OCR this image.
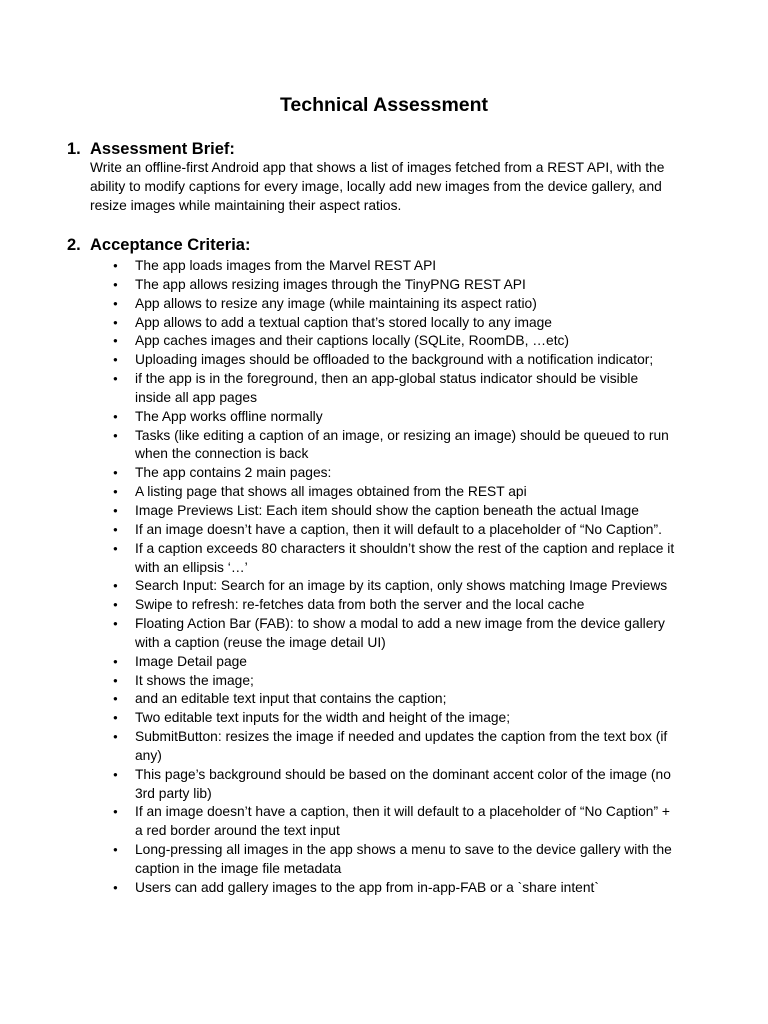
Technical Assessment
1. Assessment Brief:
Write an offline-first Android app that shows a list of images fetched from a REST API, with the
ability to modify captions for every image, locally add new images from the device gallery, and
resize images while maintaining their aspect ratios.
2. Acceptance Criteria:
● The app loads images from the Marvel REST API
● The app allows resizing images through the TinyPNG REST API
● App allows to resize any image (while maintaining its aspect ratio)
● App allows to add a textual caption that’s stored locally to any image
● App caches images and their captions locally (SQLite, RoomDB, …etc)
● Uploading images should be offloaded to the background with a notification indicator;
● if the app is in the foreground, then an app-global status indicator should be visible
inside all app pages
● The App works offline normally
● Tasks (like editing a caption of an image, or resizing an image) should be queued to run
when the connection is back
● The app contains 2 main pages:
● A listing page that shows all images obtained from the REST api
● Image Previews List: Each item should show the caption beneath the actual Image
● If an image doesn’t have a caption, then it will default to a placeholder of “No Caption”.
● If a caption exceeds 80 characters it shouldn’t show the rest of the caption and replace it
with an ellipsis ‘…’
● Search Input: Search for an image by its caption, only shows matching Image Previews
● Swipe to refresh: re-fetches data from both the server and the local cache
● Floating Action Bar (FAB): to show a modal to add a new image from the device gallery
with a caption (reuse the image detail UI)
● Image Detail page
● It shows the image;
● and an editable text input that contains the caption;
● Two editable text inputs for the width and height of the image;
● SubmitButton: resizes the image if needed and updates the caption from the text box (if
any)
● This page’s background should be based on the dominant accent color of the image (no
3rd party lib)
● If an image doesn’t have a caption, then it will default to a placeholder of “No Caption” +
a red border around the text input
● Long-pressing all images in the app shows a menu to save to the device gallery with the
caption in the image file metadata
● Users can add gallery images to the app from in-app-FAB or a `share intent`
